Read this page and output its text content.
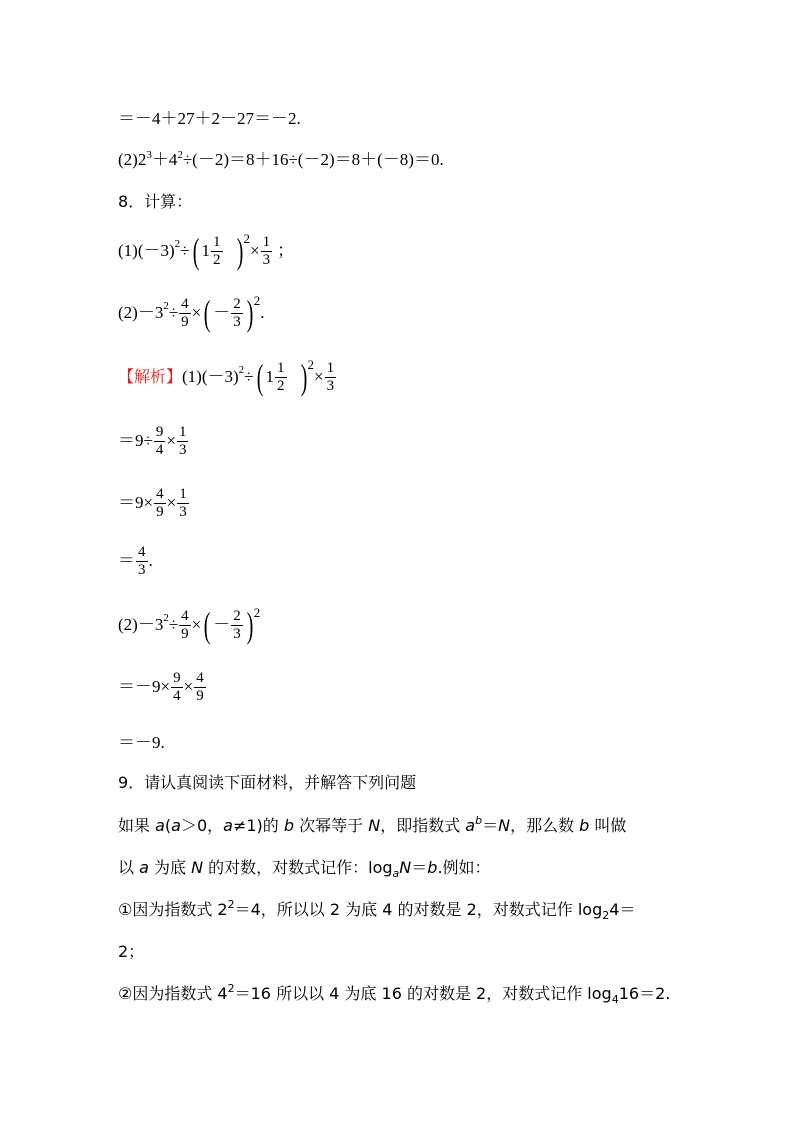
＝－4＋27＋2－27＝－2.
$(2)2^3+4^2\div(-2)=8+16\div(-2)=8+(-8)=0$.
8．计算：
$(1)(-3)^2$ ÷ ( $1 \frac{1}{2}$ ) 2
× $\frac{1}{3}$ ；
$(2)-3^2 \div \frac{4}{9}$ × ( － $\frac{2}{3}$ ) 2
.
【解析】 $(1)(-3)^2$ ÷ ( $1 \frac{1}{2}$ ) 2
× $\frac{1}{3}$
$=9\div \frac{9}{4} \times \frac{1}{3}$
$=9\times \frac{4}{9} \times \frac{1}{3}$
＝ $\frac{4}{3}$ .
$(2)-3^2 \div \frac{4}{9}$ × ( － $\frac{2}{3}$ ) 2
$=-9\times \frac{9}{4} \times \frac{4}{9}$
＝－9.
9．请认真阅读下面材料，并解答下列问题
如果 a(a＞0，a≠1)的 b 次幂等于 N，即指数式 $a^b=N$，那么数 b 叫做
以 a 为底 N 的对数，对数式记作：$\log_aN=b$.例如：
①因为指数式 $2^2=4$，所以以 2 为底 4 的对数是 2，对数式记作 $\log_24=$
2；
②因为指数式 $4^2=16$ 所以以 4 为底 16 的对数是 2，对数式记作 $\log_416=2$.
